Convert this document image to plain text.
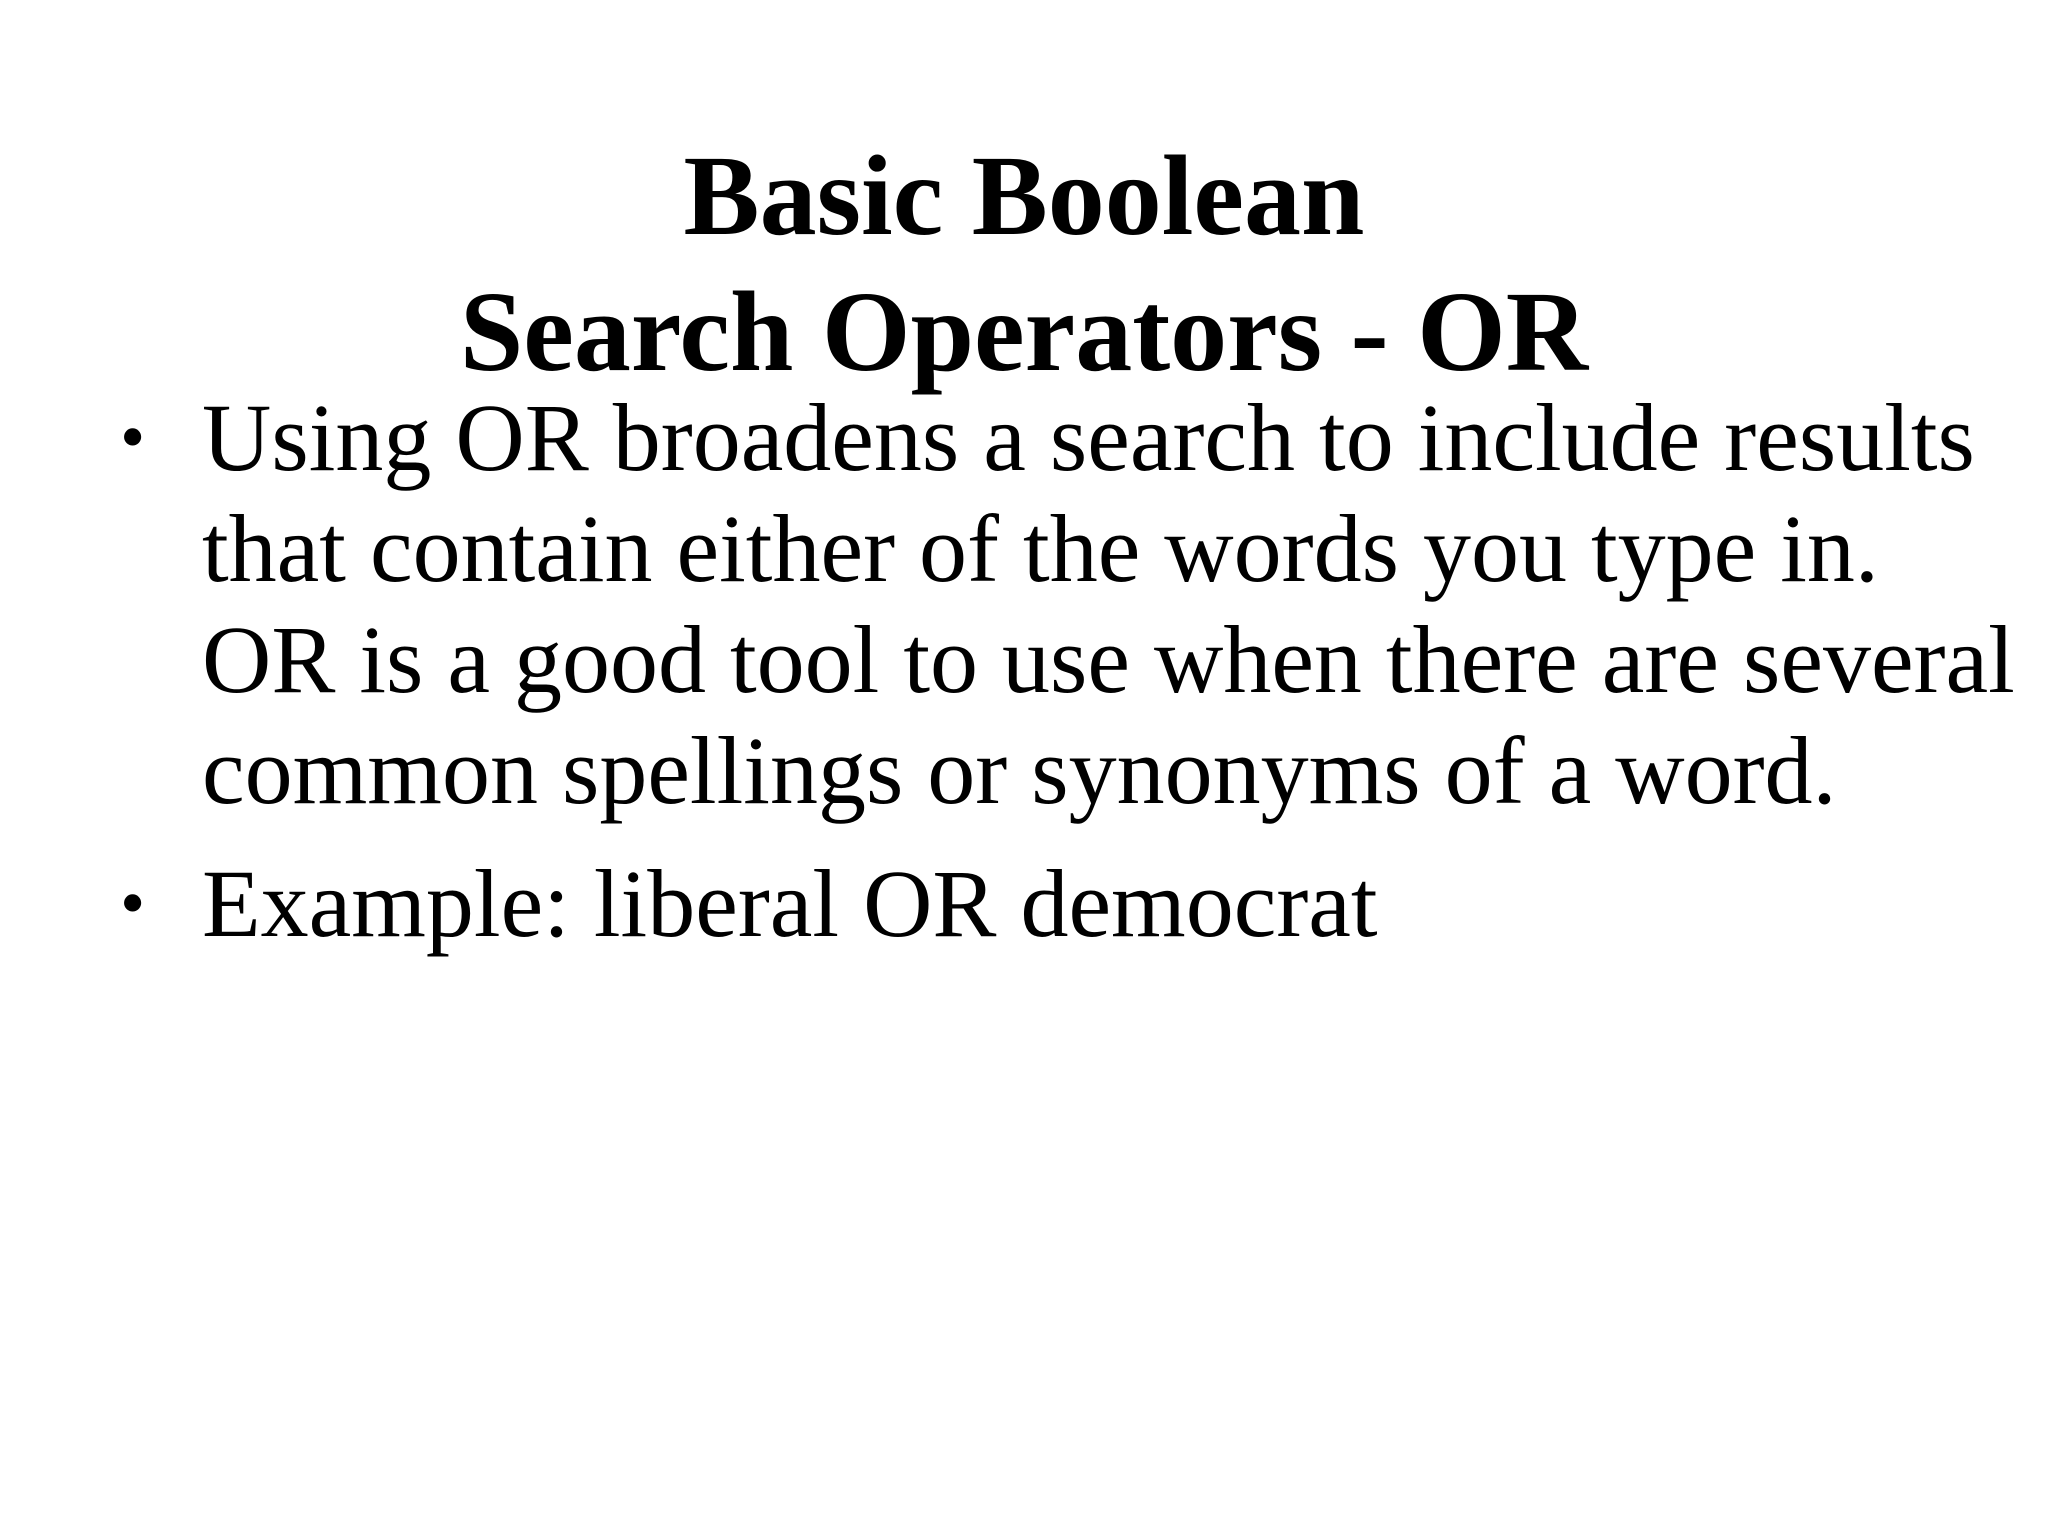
Basic Boolean
Search Operators - OR
• Using OR broadens a search to include results
that contain either of the words you type in.
OR is a good tool to use when there are several
common spellings or synonyms of a word.
• Example: liberal OR democrat
